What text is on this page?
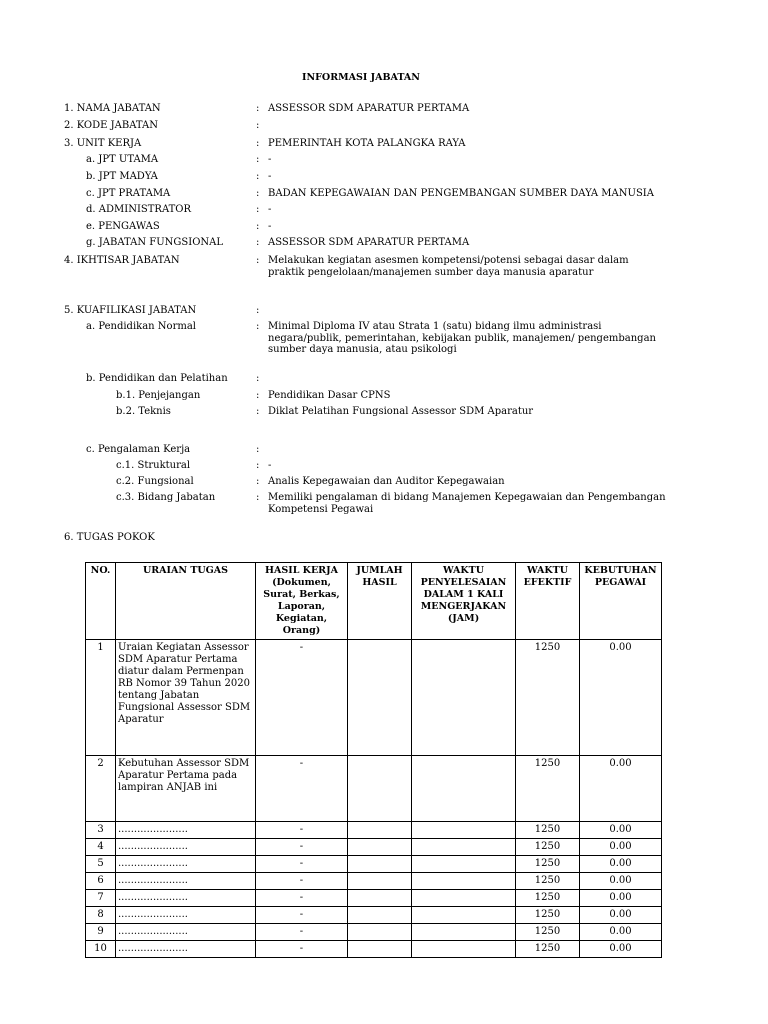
INFORMASI JABATAN
1. NAMA JABATAN	: ASSESSOR SDM APARATUR PERTAMA
2. KODE JABATAN	:
3. UNIT KERJA	: PEMERINTAH KOTA PALANGKA RAYA
a. JPT UTAMA	: -
b. JPT MADYA	: -
c. JPT PRATAMA	: BADAN KEPEGAWAIAN DAN PENGEMBANGAN SUMBER DAYA MANUSIA
d. ADMINISTRATOR	: -
e. PENGAWAS	: -
g. JABATAN FUNGSIONAL	: ASSESSOR SDM APARATUR PERTAMA
4. IKHTISAR JABATAN	: Melakukan kegiatan asesmen kompetensi/potensi sebagai dasar dalam
praktik pengelolaan/manajemen sumber daya manusia aparatur
5. KUAFILIKASI JABATAN	:
a. Pendidikan Normal	: Minimal Diploma IV atau Strata 1 (satu) bidang ilmu administrasi
negara/publik, pemerintahan, kebijakan publik, manajemen/ pengembangan
sumber daya manusia, atau psikologi
b. Pendidikan dan Pelatihan	:
b.1. Penjejangan	: Pendidikan Dasar CPNS
b.2. Teknis	: Diklat Pelatihan Fungsional Assessor SDM Aparatur
c. Pengalaman Kerja	:
c.1. Struktural	: -
c.2. Fungsional	: Analis Kepegawaian dan Auditor Kepegawaian
c.3. Bidang Jabatan	: Memiliki pengalaman di bidang Manajemen Kepegawaian dan Pengembangan
Kompetensi Pegawai
6. TUGAS POKOK
NO.	URAIAN TUGAS	HASIL KERJA (Dokumen, Surat, Berkas, Laporan, Kegiatan, Orang)	JUMLAH HASIL	WAKTU PENYELESAIAN DALAM 1 KALI MENGERJAKAN (JAM)	WAKTU EFEKTIF	KEBUTUHAN PEGAWAI
1	Uraian Kegiatan Assessor SDM Aparatur Pertama diatur dalam Permenpan RB Nomor 39 Tahun 2020 tentang Jabatan Fungsional Assessor SDM Aparatur	-			1250	0.00
2	Kebutuhan Assessor SDM Aparatur Pertama pada lampiran ANJAB ini	-			1250	0.00
3	......................	-			1250	0.00
4	......................	-			1250	0.00
5	......................	-			1250	0.00
6	......................	-			1250	0.00
7	......................	-			1250	0.00
8	......................	-			1250	0.00
9	......................	-			1250	0.00
10	......................	-			1250	0.00
